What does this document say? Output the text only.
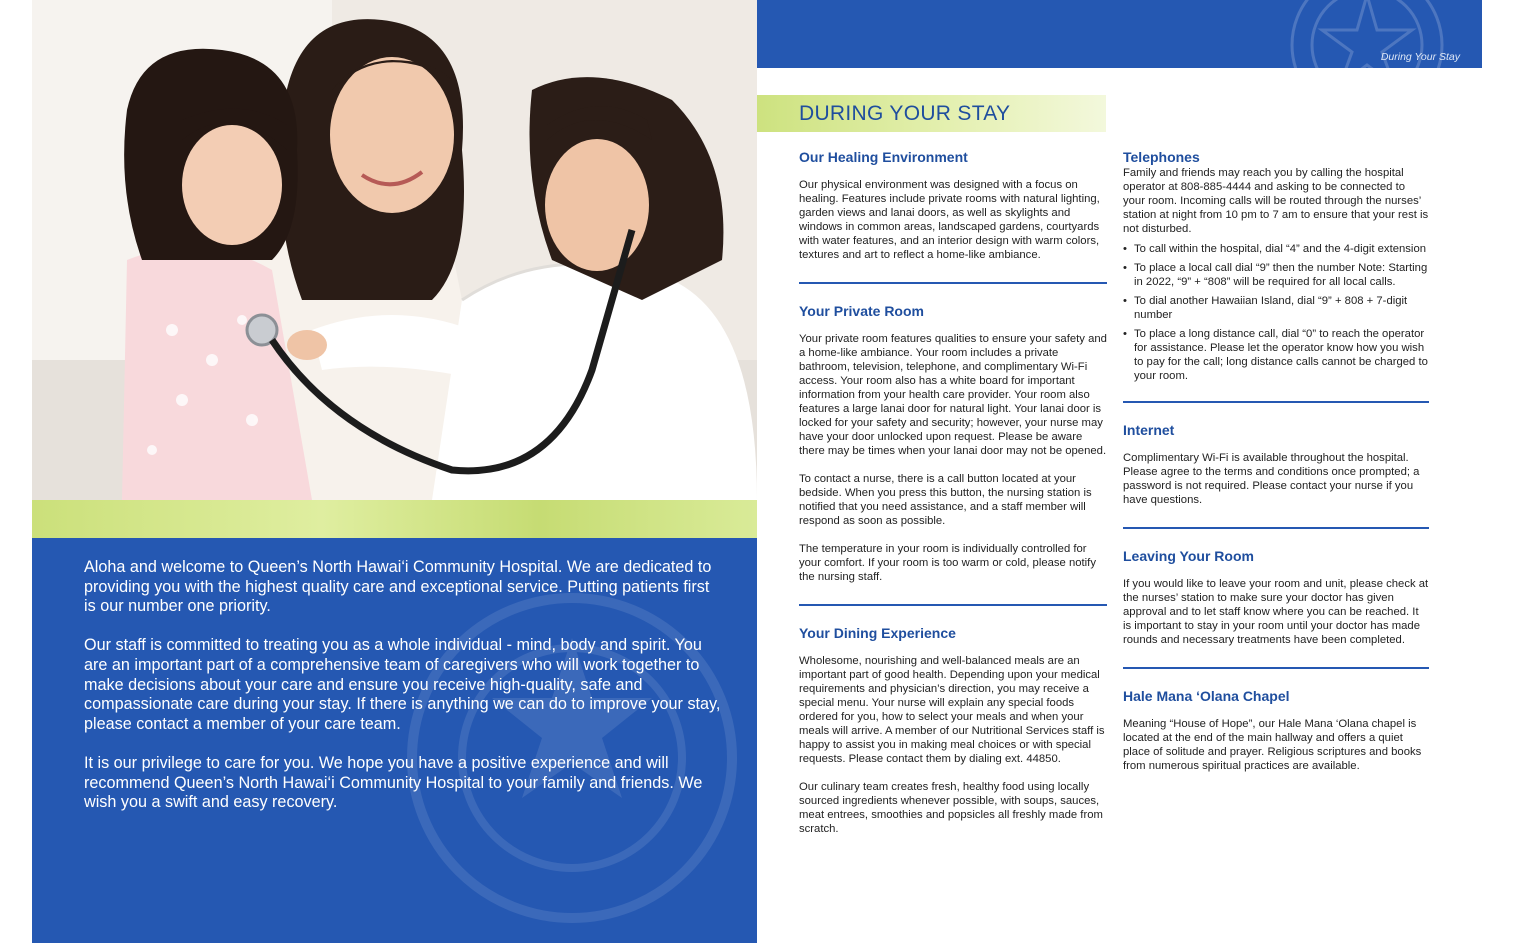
Aloha and welcome to Queen’s North Hawai‘i Community Hospital. We are dedicated to providing you with the highest quality care and exceptional service. Putting patients first is our number one priority.

Our staff is committed to treating you as a whole individual - mind, body and spirit. You are an important part of a comprehensive team of caregivers who will work together to make decisions about your care and ensure you receive high-quality, safe and compassionate care during your stay. If there is anything we can do to improve your stay, please contact a member of your care team.

It is our privilege to care for you. We hope you have a positive experience and will recommend Queen’s North Hawai‘i Community Hospital to your family and friends. We wish you a swift and easy recovery.

During Your Stay
DURING YOUR STAY
Our Healing Environment

Our physical environment was designed with a focus on healing. Features include private rooms with natural lighting, garden views and lanai doors, as well as skylights and windows in common areas, landscaped gardens, courtyards with water features, and an interior design with warm colors, textures and art to reflect a home-like ambiance.

Your Private Room

Your private room features qualities to ensure your safety and a home-like ambiance. Your room includes a private bathroom, television, telephone, and complimentary Wi-Fi access. Your room also has a white board for important information from your health care provider. Your room also features a large lanai door for natural light. Your lanai door is locked for your safety and security; however, your nurse may have your door unlocked upon request. Please be aware there may be times when your lanai door may not be opened.

To contact a nurse, there is a call button located at your bedside. When you press this button, the nursing station is notified that you need assistance, and a staff member will respond as soon as possible.

The temperature in your room is individually controlled for your comfort. If your room is too warm or cold, please notify the nursing staff.

Your Dining Experience

Wholesome, nourishing and well-balanced meals are an important part of good health. Depending upon your medical requirements and physician’s direction, you may receive a special menu. Your nurse will explain any special foods ordered for you, how to select your meals and when your meals will arrive. A member of our Nutritional Services staff is happy to assist you in making meal choices or with special requests. Please contact them by dialing ext. 44850.

Our culinary team creates fresh, healthy food using locally sourced ingredients whenever possible, with soups, sauces, meat entrees, smoothies and popsicles all freshly made from scratch.

Telephones

Family and friends may reach you by calling the hospital operator at 808-885-4444 and asking to be connected to your room. Incoming calls will be routed through the nurses’ station at night from 10 pm to 7 am to ensure that your rest is not disturbed.

• To call within the hospital, dial “4” and the 4-digit extension
• To place a local call dial “9” then the number Note: Starting in 2022, “9” + “808” will be required for all local calls.
• To dial another Hawaiian Island, dial “9” + 808 + 7-digit number
• To place a long distance call, dial “0” to reach the operator for assistance. Please let the operator know how you wish to pay for the call; long distance calls cannot be charged to your room.
Internet

Complimentary Wi-Fi is available throughout the hospital. Please agree to the terms and conditions once prompted; a password is not required. Please contact your nurse if you have questions.

Leaving Your Room

If you would like to leave your room and unit, please check at the nurses’ station to make sure your doctor has given approval and to let staff know where you can be reached. It is important to stay in your room until your doctor has made rounds and necessary treatments have been completed.

Hale Mana ‘Olana Chapel

Meaning “House of Hope”, our Hale Mana ‘Olana chapel is located at the end of the main hallway and offers a quiet place of solitude and prayer. Religious scriptures and books from numerous spiritual practices are available.
